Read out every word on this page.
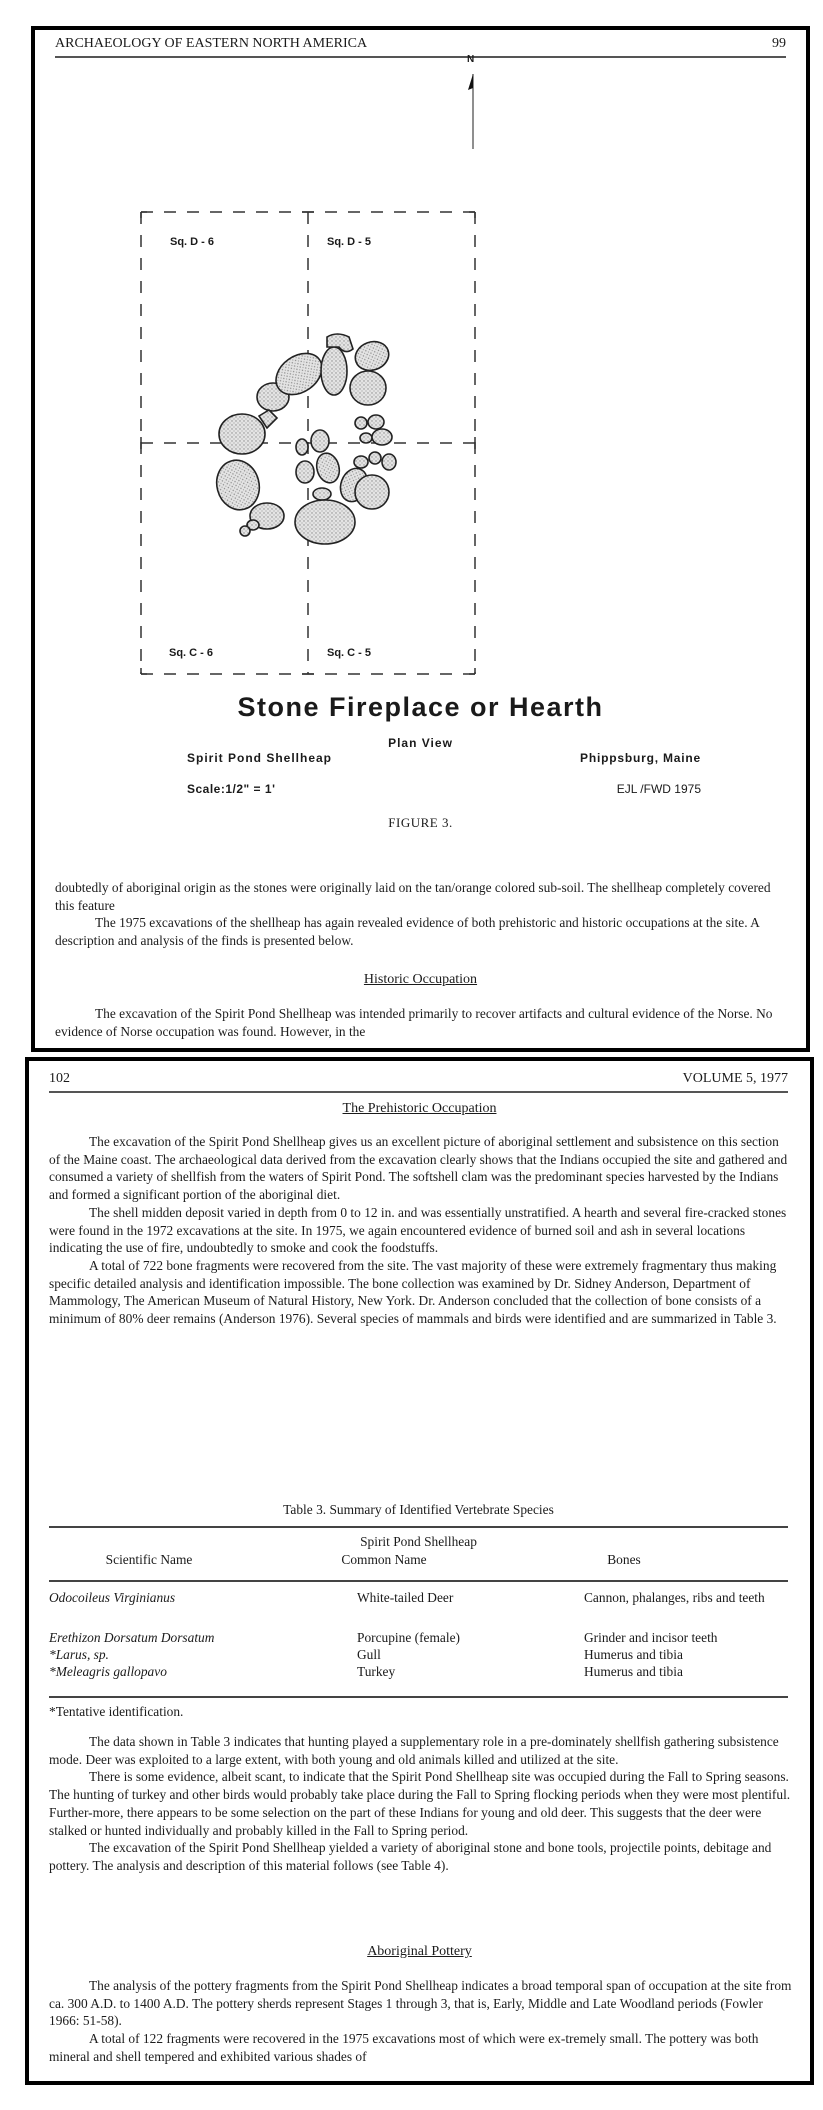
ARCHAEOLOGY OF EASTERN NORTH AMERICA	99
N
Sq. D - 6	Sq. D - 5
Sq. C - 6	Sq. C - 5
Stone Fireplace or Hearth
Plan View
Spirit Pond Shellheap	Phippsburg, Maine
Scale:1/2" = 1'	EJL /FWD 1975
FIGURE 3.

doubtedly of aboriginal origin as the stones were originally laid on the tan/orange colored sub-soil. The shellheap completely covered this feature

The 1975 excavations of the shellheap has again revealed evidence of both prehistoric and historic occupations at the site. A description and analysis of the finds is presented below.

Historic Occupation

The excavation of the Spirit Pond Shellheap was intended primarily to recover artifacts and cultural evidence of the Norse. No evidence of Norse occupation was found. However, in the

102	VOLUME 5, 1977
The Prehistoric Occupation

The excavation of the Spirit Pond Shellheap gives us an excellent picture of aboriginal settlement and subsistence on this section of the Maine coast. The archaeological data derived from the excavation clearly shows that the Indians occupied the site and gathered and consumed a variety of shellfish from the waters of Spirit Pond. The softshell clam was the predominant species harvested by the Indians and formed a significant portion of the aboriginal diet.

The shell midden deposit varied in depth from 0 to 12 in. and was essentially unstratified. A hearth and several fire-cracked stones were found in the 1972 excavations at the site. In 1975, we again encountered evidence of burned soil and ash in several locations indicating the use of fire, undoubtedly to smoke and cook the foodstuffs.

A total of 722 bone fragments were recovered from the site. The vast majority of these were extremely fragmentary thus making specific detailed analysis and identification impossible. The bone collection was examined by Dr. Sidney Anderson, Department of Mammology, The American Museum of Natural History, New York. Dr. Anderson concluded that the collection of bone consists of a minimum of 80% deer remains (Anderson 1976). Several species of mammals and birds were identified and are summarized in Table 3.

Table 3. Summary of Identified Vertebrate Species
Spirit Pond Shellheap
Scientific Name	Common Name	Bones
Odocoileus Virginianus	White-tailed Deer	Cannon, phalanges, ribs and teeth
Erethizon Dorsatum Dorsatum	Porcupine (female)	Grinder and incisor teeth
*Larus, sp.	Gull	Humerus and tibia
*Meleagris gallopavo	Turkey	Humerus and tibia
*Tentative identification.

The data shown in Table 3 indicates that hunting played a supplementary role in a pre-dominately shellfish gathering subsistence mode. Deer was exploited to a large extent, with both young and old animals killed and utilized at the site.

There is some evidence, albeit scant, to indicate that the Spirit Pond Shellheap site was occupied during the Fall to Spring seasons. The hunting of turkey and other birds would probably take place during the Fall to Spring flocking periods when they were most plentiful. Further-more, there appears to be some selection on the part of these Indians for young and old deer. This suggests that the deer were stalked or hunted individually and probably killed in the Fall to Spring period.

The excavation of the Spirit Pond Shellheap yielded a variety of aboriginal stone and bone tools, projectile points, debitage and pottery. The analysis and description of this material follows (see Table 4).

Aboriginal Pottery

The analysis of the pottery fragments from the Spirit Pond Shellheap indicates a broad temporal span of occupation at the site from ca. 300 A.D. to 1400 A.D. The pottery sherds represent Stages 1 through 3, that is, Early, Middle and Late Woodland periods (Fowler 1966: 51-58).

A total of 122 fragments were recovered in the 1975 excavations most of which were ex-tremely small. The pottery was both mineral and shell tempered and exhibited various shades of
